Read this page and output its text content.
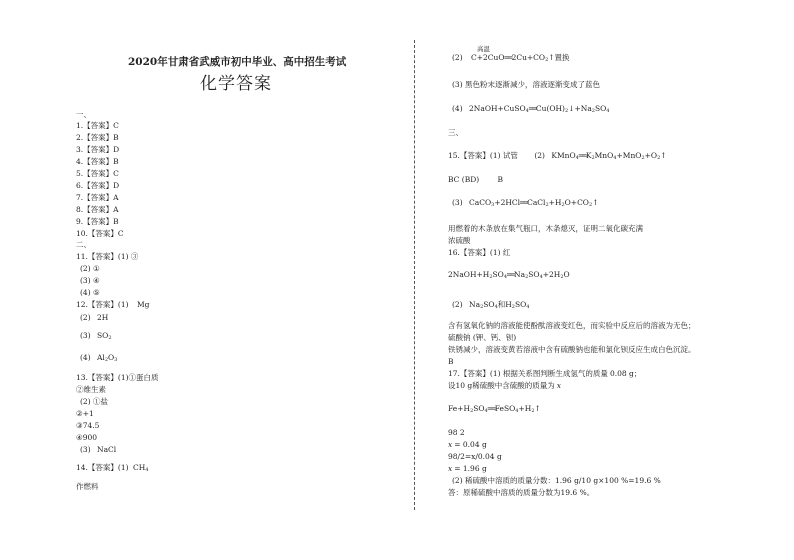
2020年甘肃省武威市初中毕业、高中招生考试
化学答案
一、
1.【答案】C
2.【答案】B
3.【答案】D
4.【答案】B
5.【答案】C
6.【答案】D
7.【答案】A
8.【答案】A
9.【答案】B
10.【答案】C
二、
11.【答案】(1) ③
(2) ①
(3) ④
(4) ⑤
12.【答案】(1) Mg
(2) 2H
(3) $SO_2$
(4) $Al_2O_3$
13.【答案】(1)①蛋白质
②维生素
(2) ①盐
②+1
③74.5
④900
(3) NaCl
14.【答案】(1) $CH_4$
作燃料
高温
(2) $C+2CuO══2Cu+CO_2↑$置换
(3) 黑色粉末逐渐减少，溶液逐渐变成了蓝色
(4) $2NaOH+CuSO_4══Cu(OH)_2↓+Na_2SO_4$
三、
15.【答案】(1) 试管 (2) $KMnO_4══K_2MnO_4+MnO_2+O_2↑$
BC (BD) B
(3) $CaCO_3+2HCl══CaCl_2+H_2O+CO_2↑$
用燃着的木条放在集气瓶口，木条熄灭，证明二氧化碳充满
浓硫酸
16.【答案】(1) 红
$2NaOH+H_2SO_4══Na_2SO_4+2H_2O$
(2) $Na_2SO_4$和$H_2SO_4$
含有氢氧化钠的溶液能使酚酞溶液变红色，而实验中反应后的溶液为无色；
硫酸钠 (钾、钙、钡)
铁锈减少，溶液变黄若溶液中含有硫酸钠也能和氯化钡反应生成白色沉淀。
B
17.【答案】(1) 根据关系图判断生成氢气的质量 0.08 g；
设10 g稀硫酸中含硫酸的质量为 x
$Fe+H_2SO_4══FeSO_4+H_2↑$
98 2
x = 0.04 g
98/2=x/0.04 g
x = 1.96 g
(2) 稀硫酸中溶质的质量分数：1.96 g/10 g×100 %=19.6 %
答：原稀硫酸中溶质的质量分数为19.6 %。
